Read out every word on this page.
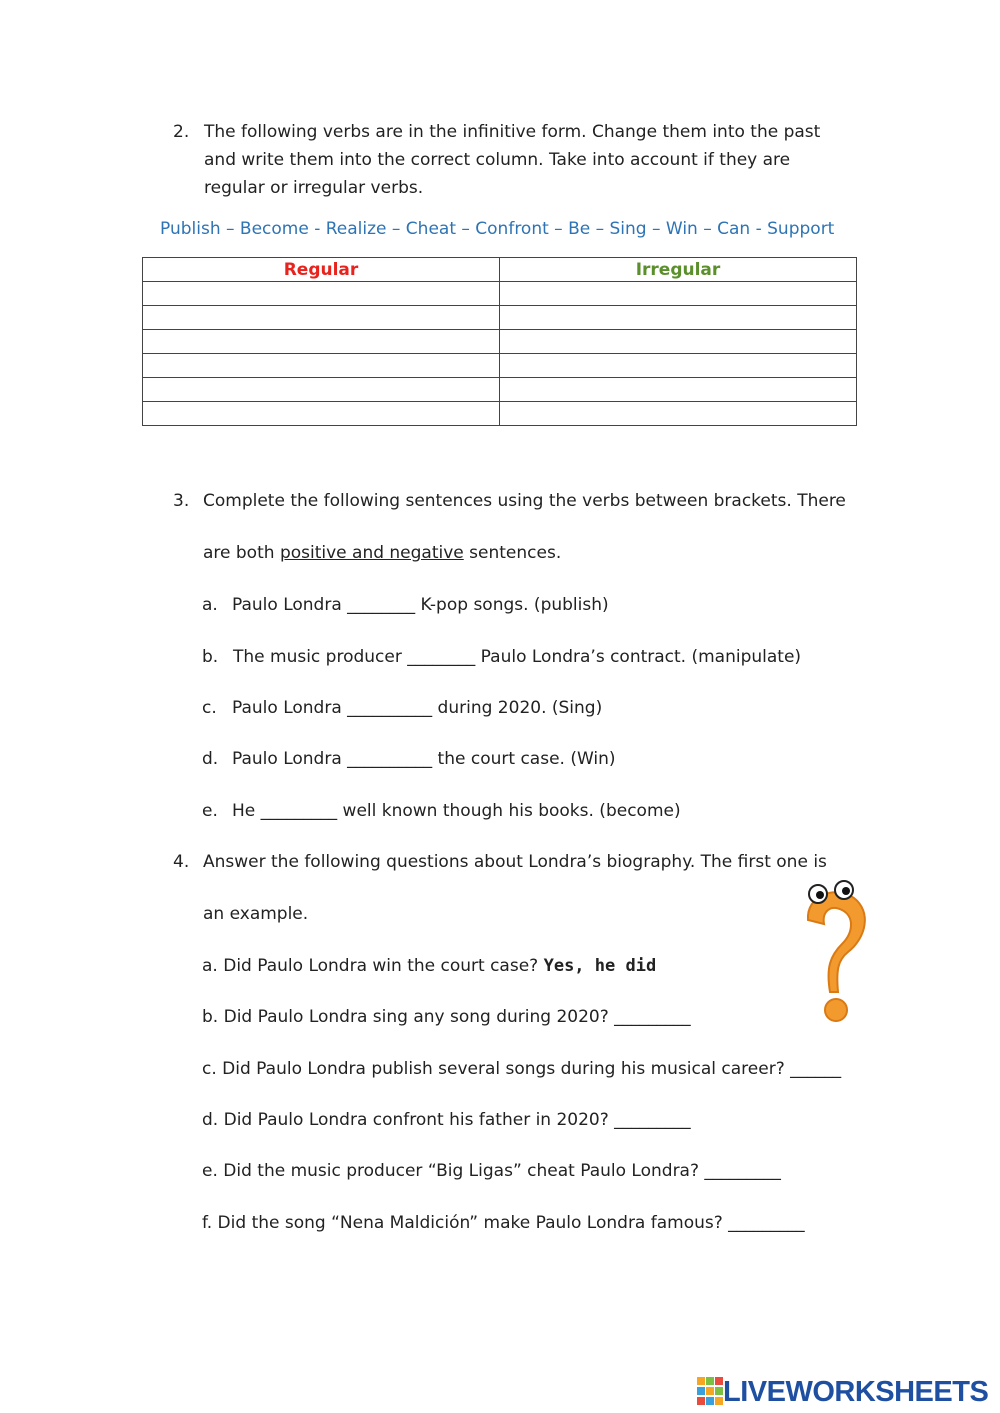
2. The following verbs are in the infinitive form. Change them into the past
and write them into the correct column. Take into account if they are
regular or irregular verbs.
Publish – Become - Realize – Cheat – Confront – Be – Sing – Win – Can - Support
Regular	Irregular

3. Complete the following sentences using the verbs between brackets. There
are both positive and negative sentences.
a. Paulo Londra ________ K-pop songs. (publish)
b. The music producer ________ Paulo Londra’s contract. (manipulate)
c. Paulo Londra __________ during 2020. (Sing)
d. Paulo Londra __________ the court case. (Win)
e. He _________ well known though his books. (become)
4. Answer the following questions about Londra’s biography. The first one is
an example.
a. Did Paulo Londra win the court case? Yes, he did
b. Did Paulo Londra sing any song during 2020? _________
c. Did Paulo Londra publish several songs during his musical career? ______
d. Did Paulo Londra confront his father in 2020? _________
e. Did the music producer “Big Ligas” cheat Paulo Londra? _________
f. Did the song “Nena Maldición” make Paulo Londra famous? _________
LIVEWORKSHEETS
